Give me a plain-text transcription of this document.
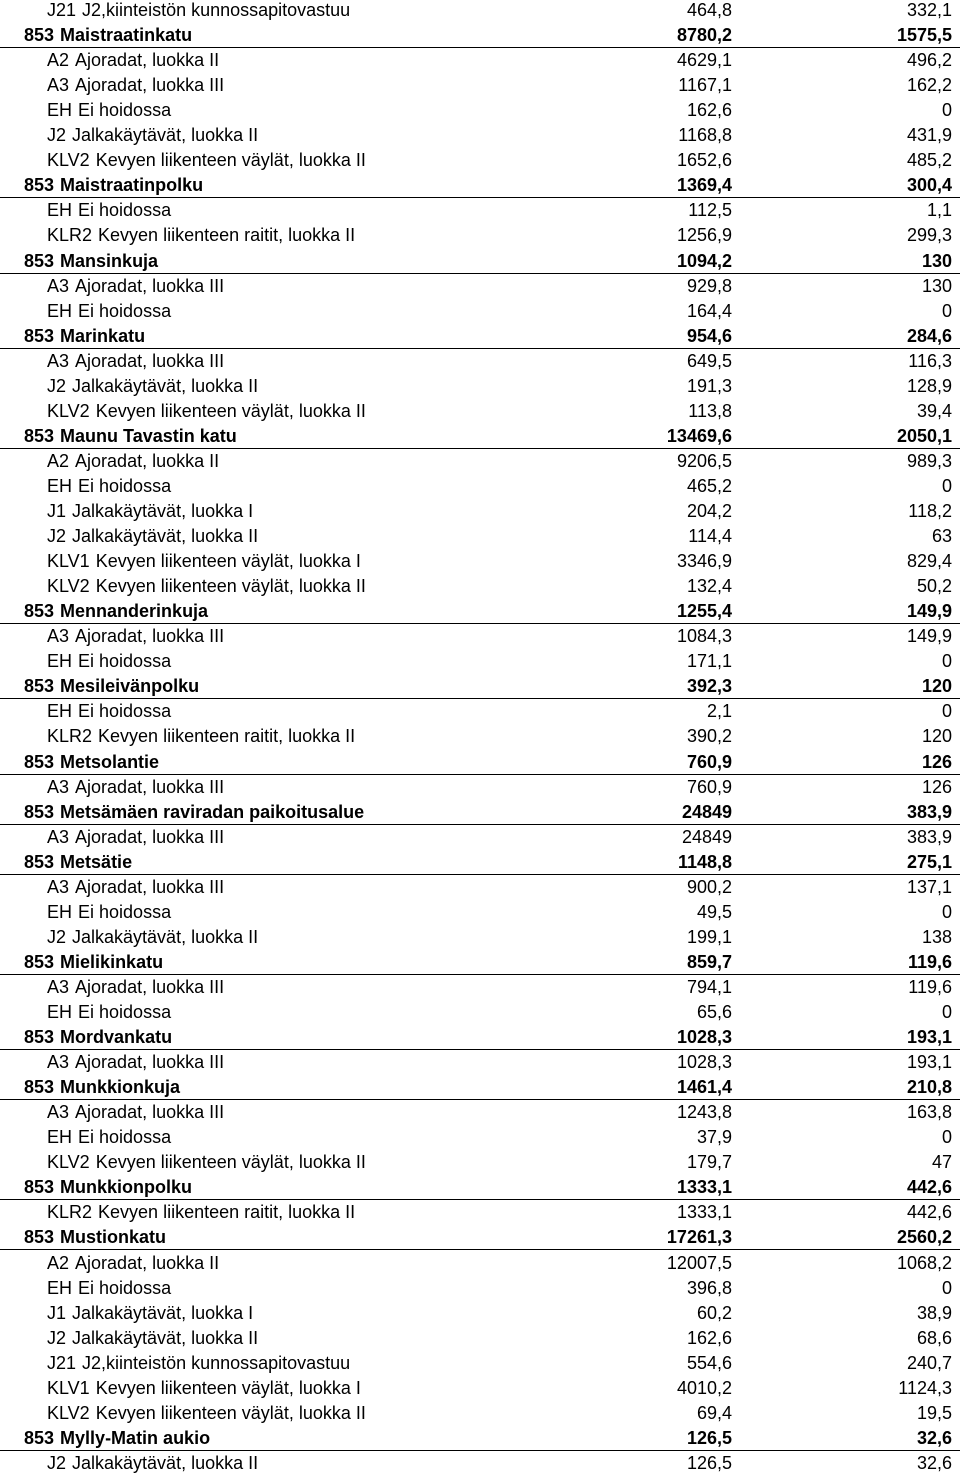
J21 J2,kiinteistön kunnossapitovastuu	464,8	332,1
853 Maistraatinkatu	8780,2	1575,5
A2 Ajoradat, luokka II	4629,1	496,2
A3 Ajoradat, luokka III	1167,1	162,2
EH Ei hoidossa	162,6	0
J2 Jalkakäytävät, luokka II	1168,8	431,9
KLV2 Kevyen liikenteen väylät, luokka II	1652,6	485,2
853 Maistraatinpolku	1369,4	300,4
EH Ei hoidossa	112,5	1,1
KLR2 Kevyen liikenteen raitit, luokka II	1256,9	299,3
853 Mansinkuja	1094,2	130
A3 Ajoradat, luokka III	929,8	130
EH Ei hoidossa	164,4	0
853 Marinkatu	954,6	284,6
A3 Ajoradat, luokka III	649,5	116,3
J2 Jalkakäytävät, luokka II	191,3	128,9
KLV2 Kevyen liikenteen väylät, luokka II	113,8	39,4
853 Maunu Tavastin katu	13469,6	2050,1
A2 Ajoradat, luokka II	9206,5	989,3
EH Ei hoidossa	465,2	0
J1 Jalkakäytävät, luokka I	204,2	118,2
J2 Jalkakäytävät, luokka II	114,4	63
KLV1 Kevyen liikenteen väylät, luokka I	3346,9	829,4
KLV2 Kevyen liikenteen väylät, luokka II	132,4	50,2
853 Mennanderinkuja	1255,4	149,9
A3 Ajoradat, luokka III	1084,3	149,9
EH Ei hoidossa	171,1	0
853 Mesileivänpolku	392,3	120
EH Ei hoidossa	2,1	0
KLR2 Kevyen liikenteen raitit, luokka II	390,2	120
853 Metsolantie	760,9	126
A3 Ajoradat, luokka III	760,9	126
853 Metsämäen raviradan paikoitusalue	24849	383,9
A3 Ajoradat, luokka III	24849	383,9
853 Metsätie	1148,8	275,1
A3 Ajoradat, luokka III	900,2	137,1
EH Ei hoidossa	49,5	0
J2 Jalkakäytävät, luokka II	199,1	138
853 Mielikinkatu	859,7	119,6
A3 Ajoradat, luokka III	794,1	119,6
EH Ei hoidossa	65,6	0
853 Mordvankatu	1028,3	193,1
A3 Ajoradat, luokka III	1028,3	193,1
853 Munkkionkuja	1461,4	210,8
A3 Ajoradat, luokka III	1243,8	163,8
EH Ei hoidossa	37,9	0
KLV2 Kevyen liikenteen väylät, luokka II	179,7	47
853 Munkkionpolku	1333,1	442,6
KLR2 Kevyen liikenteen raitit, luokka II	1333,1	442,6
853 Mustionkatu	17261,3	2560,2
A2 Ajoradat, luokka II	12007,5	1068,2
EH Ei hoidossa	396,8	0
J1 Jalkakäytävät, luokka I	60,2	38,9
J2 Jalkakäytävät, luokka II	162,6	68,6
J21 J2,kiinteistön kunnossapitovastuu	554,6	240,7
KLV1 Kevyen liikenteen väylät, luokka I	4010,2	1124,3
KLV2 Kevyen liikenteen väylät, luokka II	69,4	19,5
853 Mylly-Matin aukio	126,5	32,6
J2 Jalkakäytävät, luokka II	126,5	32,6
